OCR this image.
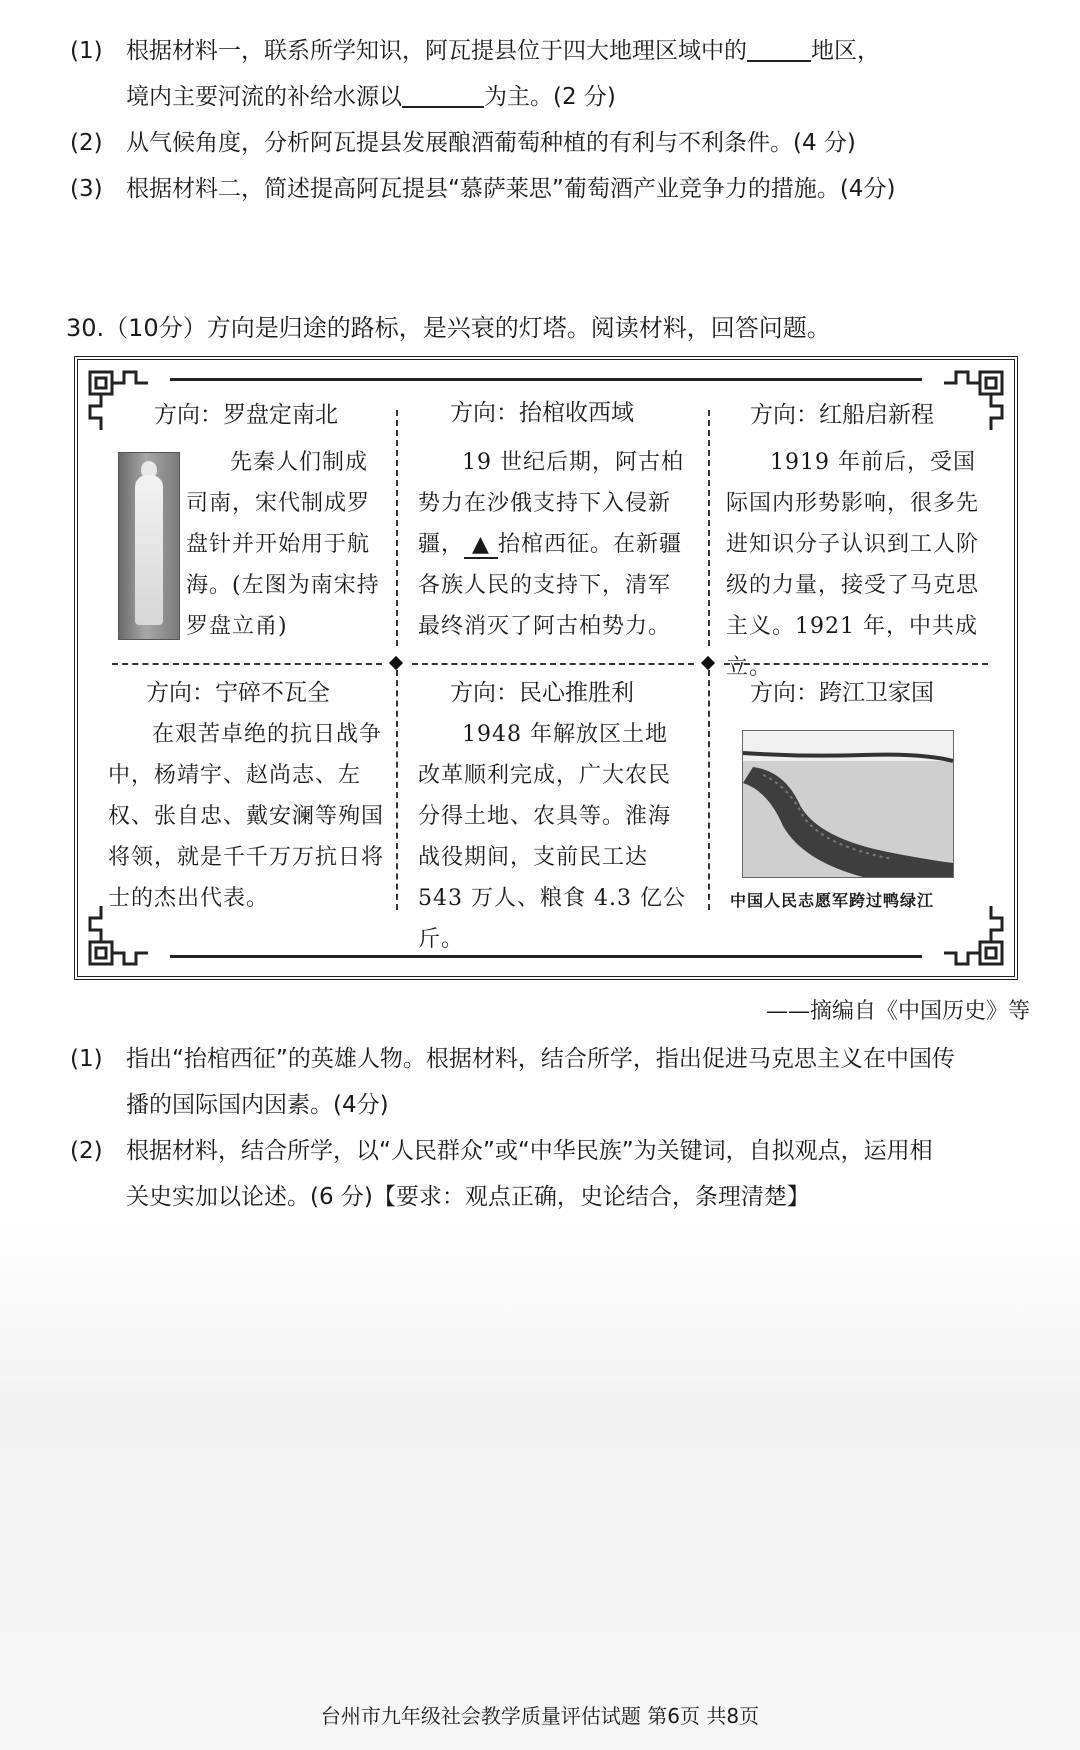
(1) 根据材料一，联系所学知识，阿瓦提县位于四大地理区域中的	地区，
境内主要河流的补给水源以	为主。(2 分)
(2) 从气候角度，分析阿瓦提县发展酿酒葡萄种植的有利与不利条件。(4 分)
(3) 根据材料二，简述提高阿瓦提县“慕萨莱思”葡萄酒产业竞争力的措施。(4分)
30.（10分）方向是归途的路标，是兴衰的灯塔。阅读材料，回答问题。
方向：罗盘定南北
先秦人们制成司南，宋代制成罗盘针并开始用于航海。(左图为南宋持罗盘立甬)
方向：抬棺收西域
19 世纪后期，阿古柏势力在沙俄支持下入侵新疆， ▲ 抬棺西征。在新疆各族人民的支持下，清军最终消灭了阿古柏势力。
方向：红船启新程
1919 年前后，受国际国内形势影响，很多先进知识分子认识到工人阶级的力量，接受了马克思主义。1921 年，中共成立。
方向：宁碎不瓦全
在艰苦卓绝的抗日战争中，杨靖宇、赵尚志、左权、张自忠、戴安澜等殉国将领，就是千千万万抗日将士的杰出代表。
方向：民心推胜利
1948 年解放区土地改革顺利完成，广大农民分得土地、农具等。淮海战役期间，支前民工达 543 万人、粮食 4.3 亿公斤。
方向：跨江卫家国
中国人民志愿军跨过鸭绿江
——摘编自《中国历史》等
(1) 指出“抬棺西征”的英雄人物。根据材料，结合所学，指出促进马克思主义在中国传
播的国际国内因素。(4分)
(2) 根据材料，结合所学，以“人民群众”或“中华民族”为关键词，自拟观点，运用相
关史实加以论述。(6 分)【要求：观点正确，史论结合，条理清楚】
台州市九年级社会教学质量评估试题 第6页 共8页
